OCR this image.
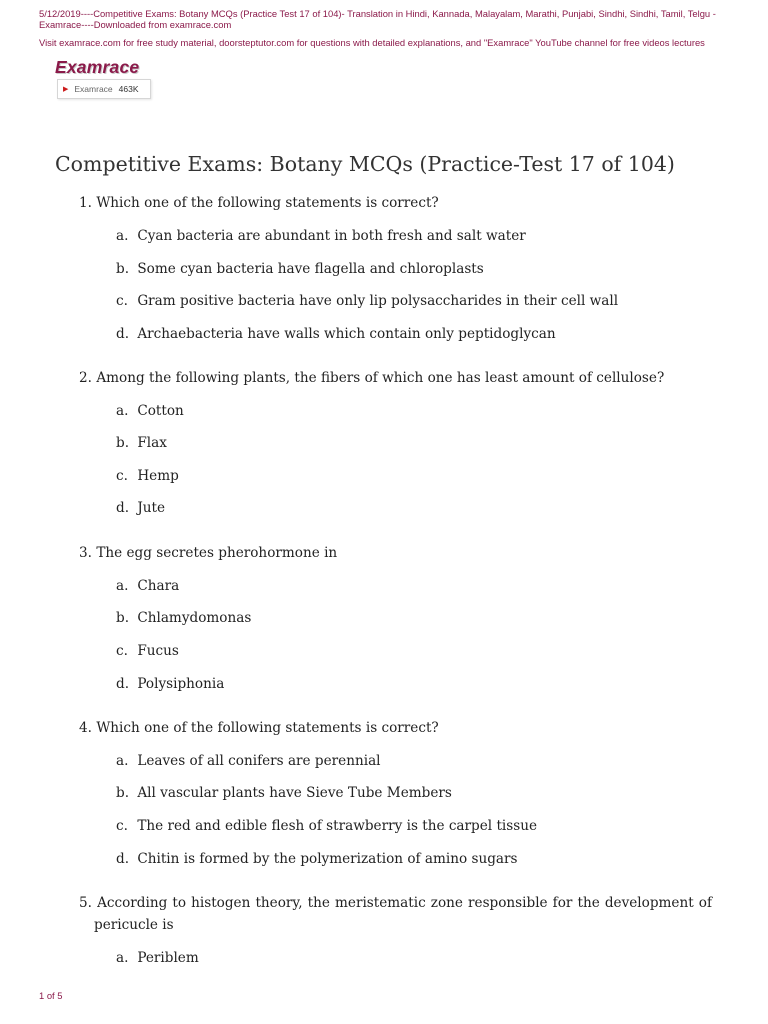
5/12/2019----Competitive Exams: Botany MCQs (Practice Test 17 of 104)- Translation in Hindi, Kannada, Malayalam, Marathi, Punjabi, Sindhi, Sindhi, Tamil, Telgu - Examrace----Downloaded from examrace.com
Visit examrace.com for free study material, doorsteptutor.com for questions with detailed explanations, and "Examrace" YouTube channel for free videos lectures
Examrace
▶ Examrace 463K
Competitive Exams: Botany MCQs (Practice-Test 17 of 104)
1. Which one of the following statements is correct?
a. Cyan bacteria are abundant in both fresh and salt water
b. Some cyan bacteria have flagella and chloroplasts
c. Gram positive bacteria have only lip polysaccharides in their cell wall
d. Archaebacteria have walls which contain only peptidoglycan
2. Among the following plants, the fibers of which one has least amount of cellulose?
a. Cotton
b. Flax
c. Hemp
d. Jute
3. The egg secretes pherohormone in
a. Chara
b. Chlamydomonas
c. Fucus
d. Polysiphonia
4. Which one of the following statements is correct?
a. Leaves of all conifers are perennial
b. All vascular plants have Sieve Tube Members
c. The red and edible flesh of strawberry is the carpel tissue
d. Chitin is formed by the polymerization of amino sugars
5. According to histogen theory, the meristematic zone responsible for the development of pericucle is
a. Periblem
1 of 5
